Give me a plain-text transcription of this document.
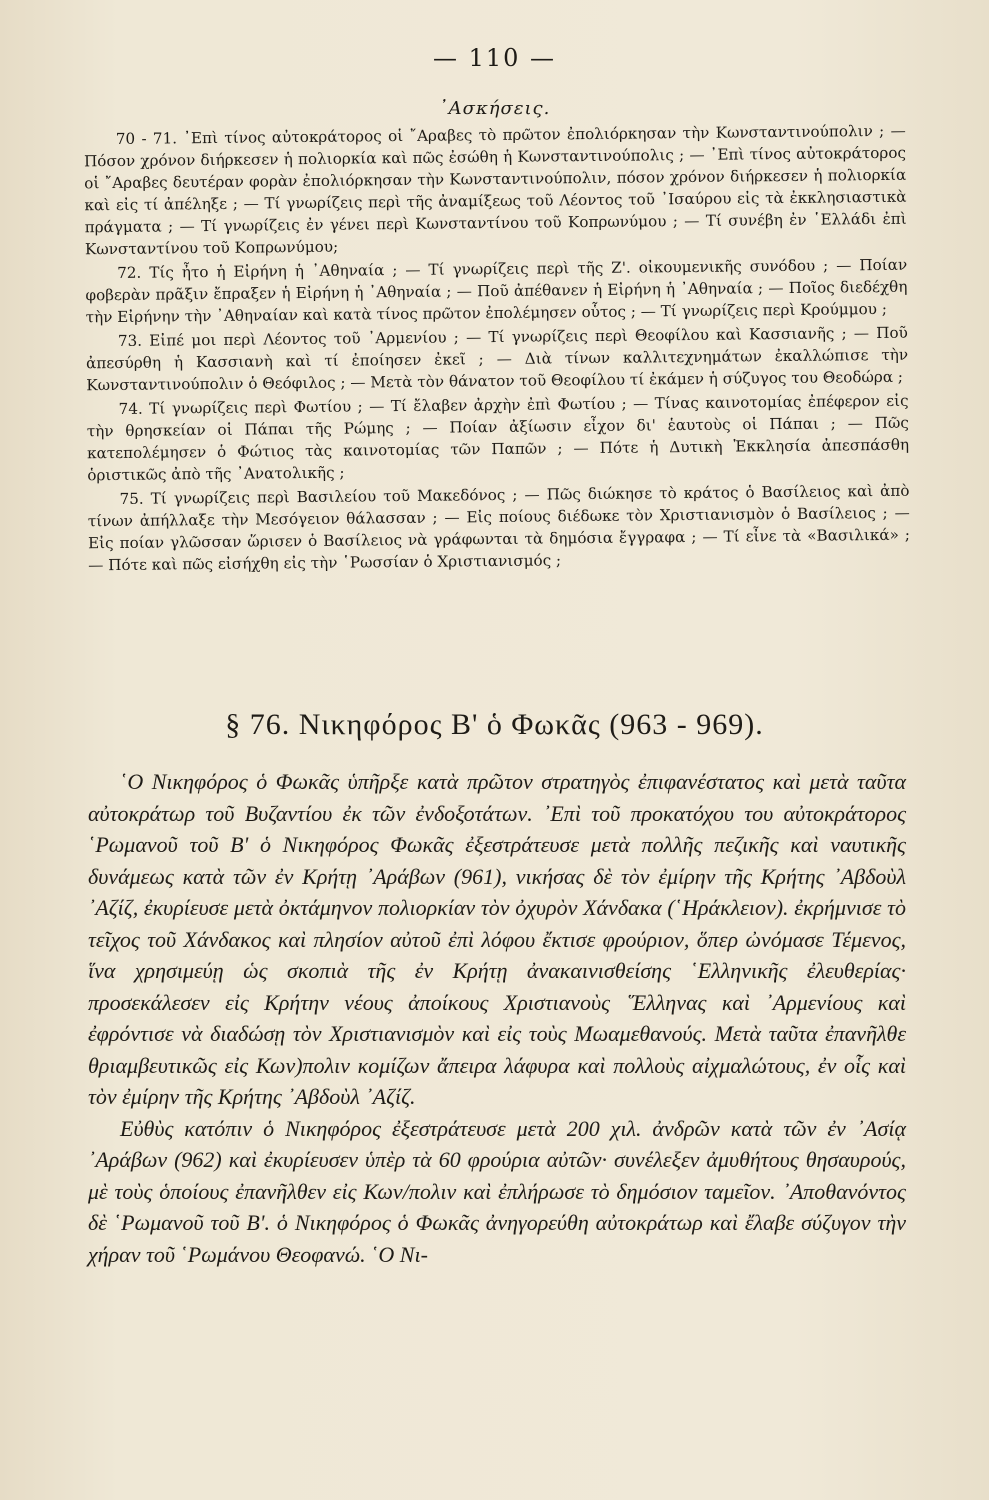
— 110 —
᾿Ασκήσεις.

70 - 71. ᾿Επὶ τίνος αὐτοκράτορος οἱ ῎Αραβες τὸ πρῶτον ἐπολιόρκησαν τὴν Κωνσταντινούπολιν ; — Πόσον χρόνον διήρκεσεν ἡ πολιορκία καὶ πῶς ἐσώθη ἡ Κωνσταντινούπολις ; — ᾿Επὶ τίνος αὐτοκράτορος οἱ ῎Αραβες δευτέραν φορὰν ἐπολιόρκησαν τὴν Κωνσταντινούπολιν, πόσον χρόνον διήρκεσεν ἡ πολιορκία καὶ εἰς τί ἀπέληξε ; — Τί γνωρίζεις περὶ τῆς ἀναμίξεως τοῦ Λέοντος τοῦ ᾿Ισαύρου εἰς τὰ ἐκκλησιαστικὰ πράγματα ; — Τί γνωρίζεις ἐν γένει περὶ Κωνσταντίνου τοῦ Κοπρωνύμου ; — Τί συνέβη ἐν ῾Ελλάδι ἐπὶ Κωνσταντίνου τοῦ Κοπρωνύμου;

72. Τίς ἦτο ἡ Εἰρήνη ἡ ᾿Αθηναία ; — Τί γνωρίζεις περὶ τῆς Ζ'. οἰκουμενικῆς συνόδου ; — Ποίαν φοβερὰν πρᾶξιν ἔπραξεν ἡ Εἰρήνη ἡ ᾿Αθηναία ; — Ποῦ ἀπέθανεν ἡ Εἰρήνη ἡ ᾿Αθηναία ; — Ποῖος διεδέχθη τὴν Εἰρήνην τὴν ᾿Αθηναίαν καὶ κατὰ τίνος πρῶτον ἐπολέμησεν οὗτος ; — Τί γνωρίζεις περὶ Κρούμμου ;

73. Εἰπέ μοι περὶ Λέοντος τοῦ ᾿Αρμενίου ; — Τί γνωρίζεις περὶ Θεοφίλου καὶ Κασσιανῆς ; — Ποῦ ἀπεσύρθη ἡ Κασσιανὴ καὶ τί ἐποίησεν ἐκεῖ ; — Διὰ τίνων καλλιτεχνημάτων ἐκαλλώπισε τὴν Κωνσταντινούπολιν ὁ Θεόφιλος ; — Μετὰ τὸν θάνατον τοῦ Θεοφίλου τί ἐκάμεν ἡ σύζυγος του Θεοδώρα ;

74. Τί γνωρίζεις περὶ Φωτίου ; — Τί ἔλαβεν ἀρχὴν ἐπὶ Φωτίου ; — Τίνας καινοτομίας ἐπέφερον εἰς τὴν θρησκείαν οἱ Πάπαι τῆς Ρώμης ; — Ποίαν ἀξίωσιν εἶχον δι' ἑαυτοὺς οἱ Πάπαι ; — Πῶς κατεπολέμησεν ὁ Φώτιος τὰς καινοτομίας τῶν Παπῶν ; — Πότε ἡ Δυτικὴ Ἐκκλησία ἀπεσπάσθη ὁριστικῶς ἀπὸ τῆς ᾿Ανατολικῆς ;

75. Τί γνωρίζεις περὶ Βασιλείου τοῦ Μακεδόνος ; — Πῶς διώκησε τὸ κράτος ὁ Βασίλειος καὶ ἀπὸ τίνων ἀπήλλαξε τὴν Μεσόγειον θάλασσαν ; — Εἰς ποίους διέδωκε τὸν Χριστιανισμὸν ὁ Βασίλειος ; — Εἰς ποίαν γλῶσσαν ὥρισεν ὁ Βασίλειος νὰ γράφωνται τὰ δημόσια ἔγγραφα ; — Τί εἶνε τὰ «Βασιλικά» ; — Πότε καὶ πῶς εἰσήχθη εἰς τὴν ῾Ρωσσίαν ὁ Χριστιανισμός ;

§ 76. Νικηφόρος Β' ὁ Φωκᾶς (963 - 969).

῾Ο Νικηφόρος ὁ Φωκᾶς ὑπῆρξε κατὰ πρῶτον στρατηγὸς ἐπιφανέστατος καὶ μετὰ ταῦτα αὐτοκράτωρ τοῦ Βυζαντίου ἐκ τῶν ἐνδοξοτάτων. ᾿Επὶ τοῦ προκατόχου του αὐτοκράτορος ῾Ρωμανοῦ τοῦ Β' ὁ Νικηφόρος Φωκᾶς ἐξεστράτευσε μετὰ πολλῆς πεζικῆς καὶ ναυτικῆς δυνάμεως κατὰ τῶν ἐν Κρήτῃ ᾿Αράβων (961), νικήσας δὲ τὸν ἐμίρην τῆς Κρήτης ᾿Αβδοὺλ ᾿Αζίζ, ἐκυρίευσε μετὰ ὀκτάμηνον πολιορκίαν τὸν ὀχυρὸν Χάνδακα (῾Ηράκλειον). ἐκρήμνισε τὸ τεῖχος τοῦ Χάνδακος καὶ πλησίον αὐτοῦ ἐπὶ λόφου ἔκτισε φρούριον, ὅπερ ὠνόμασε Τέμενος, ἵνα χρησιμεύῃ ὡς σκοπιὰ τῆς ἐν Κρήτῃ ἀνακαινισθείσης ῾Ελληνικῆς ἐλευθερίας· προσεκάλεσεν εἰς Κρήτην νέους ἀποίκους Χριστιανοὺς ῞Ελληνας καὶ ᾿Αρμενίους καὶ ἐφρόντισε νὰ διαδώσῃ τὸν Χριστιανισμὸν καὶ εἰς τοὺς Μωαμεθανούς. Μετὰ ταῦτα ἐπανῆλθε θριαμβευτικῶς εἰς Κων)πολιν κομίζων ἄπειρα λάφυρα καὶ πολλοὺς αἰχμαλώτους, ἐν οἷς καὶ τὸν ἐμίρην τῆς Κρήτης ᾿Αβδοὺλ ᾿Αζίζ.

Εὐθὺς κατόπιν ὁ Νικηφόρος ἐξεστράτευσε μετὰ 200 χιλ. ἀνδρῶν κατὰ τῶν ἐν ᾿Ασίᾳ ᾿Αράβων (962) καὶ ἐκυρίευσεν ὑπὲρ τὰ 60 φρούρια αὐτῶν· συνέλεξεν ἀμυθήτους θησαυρούς, μὲ τοὺς ὁποίους ἐπανῆλθεν εἰς Κων/πολιν καὶ ἐπλήρωσε τὸ δημόσιον ταμεῖον. ᾿Αποθανόντος δὲ ῾Ρωμανοῦ τοῦ Β'. ὁ Νικηφόρος ὁ Φωκᾶς ἀνηγορεύθη αὐτοκράτωρ καὶ ἔλαβε σύζυγον τὴν χήραν τοῦ ῾Ρωμάνου Θεοφανώ. ῾Ο Νι-
